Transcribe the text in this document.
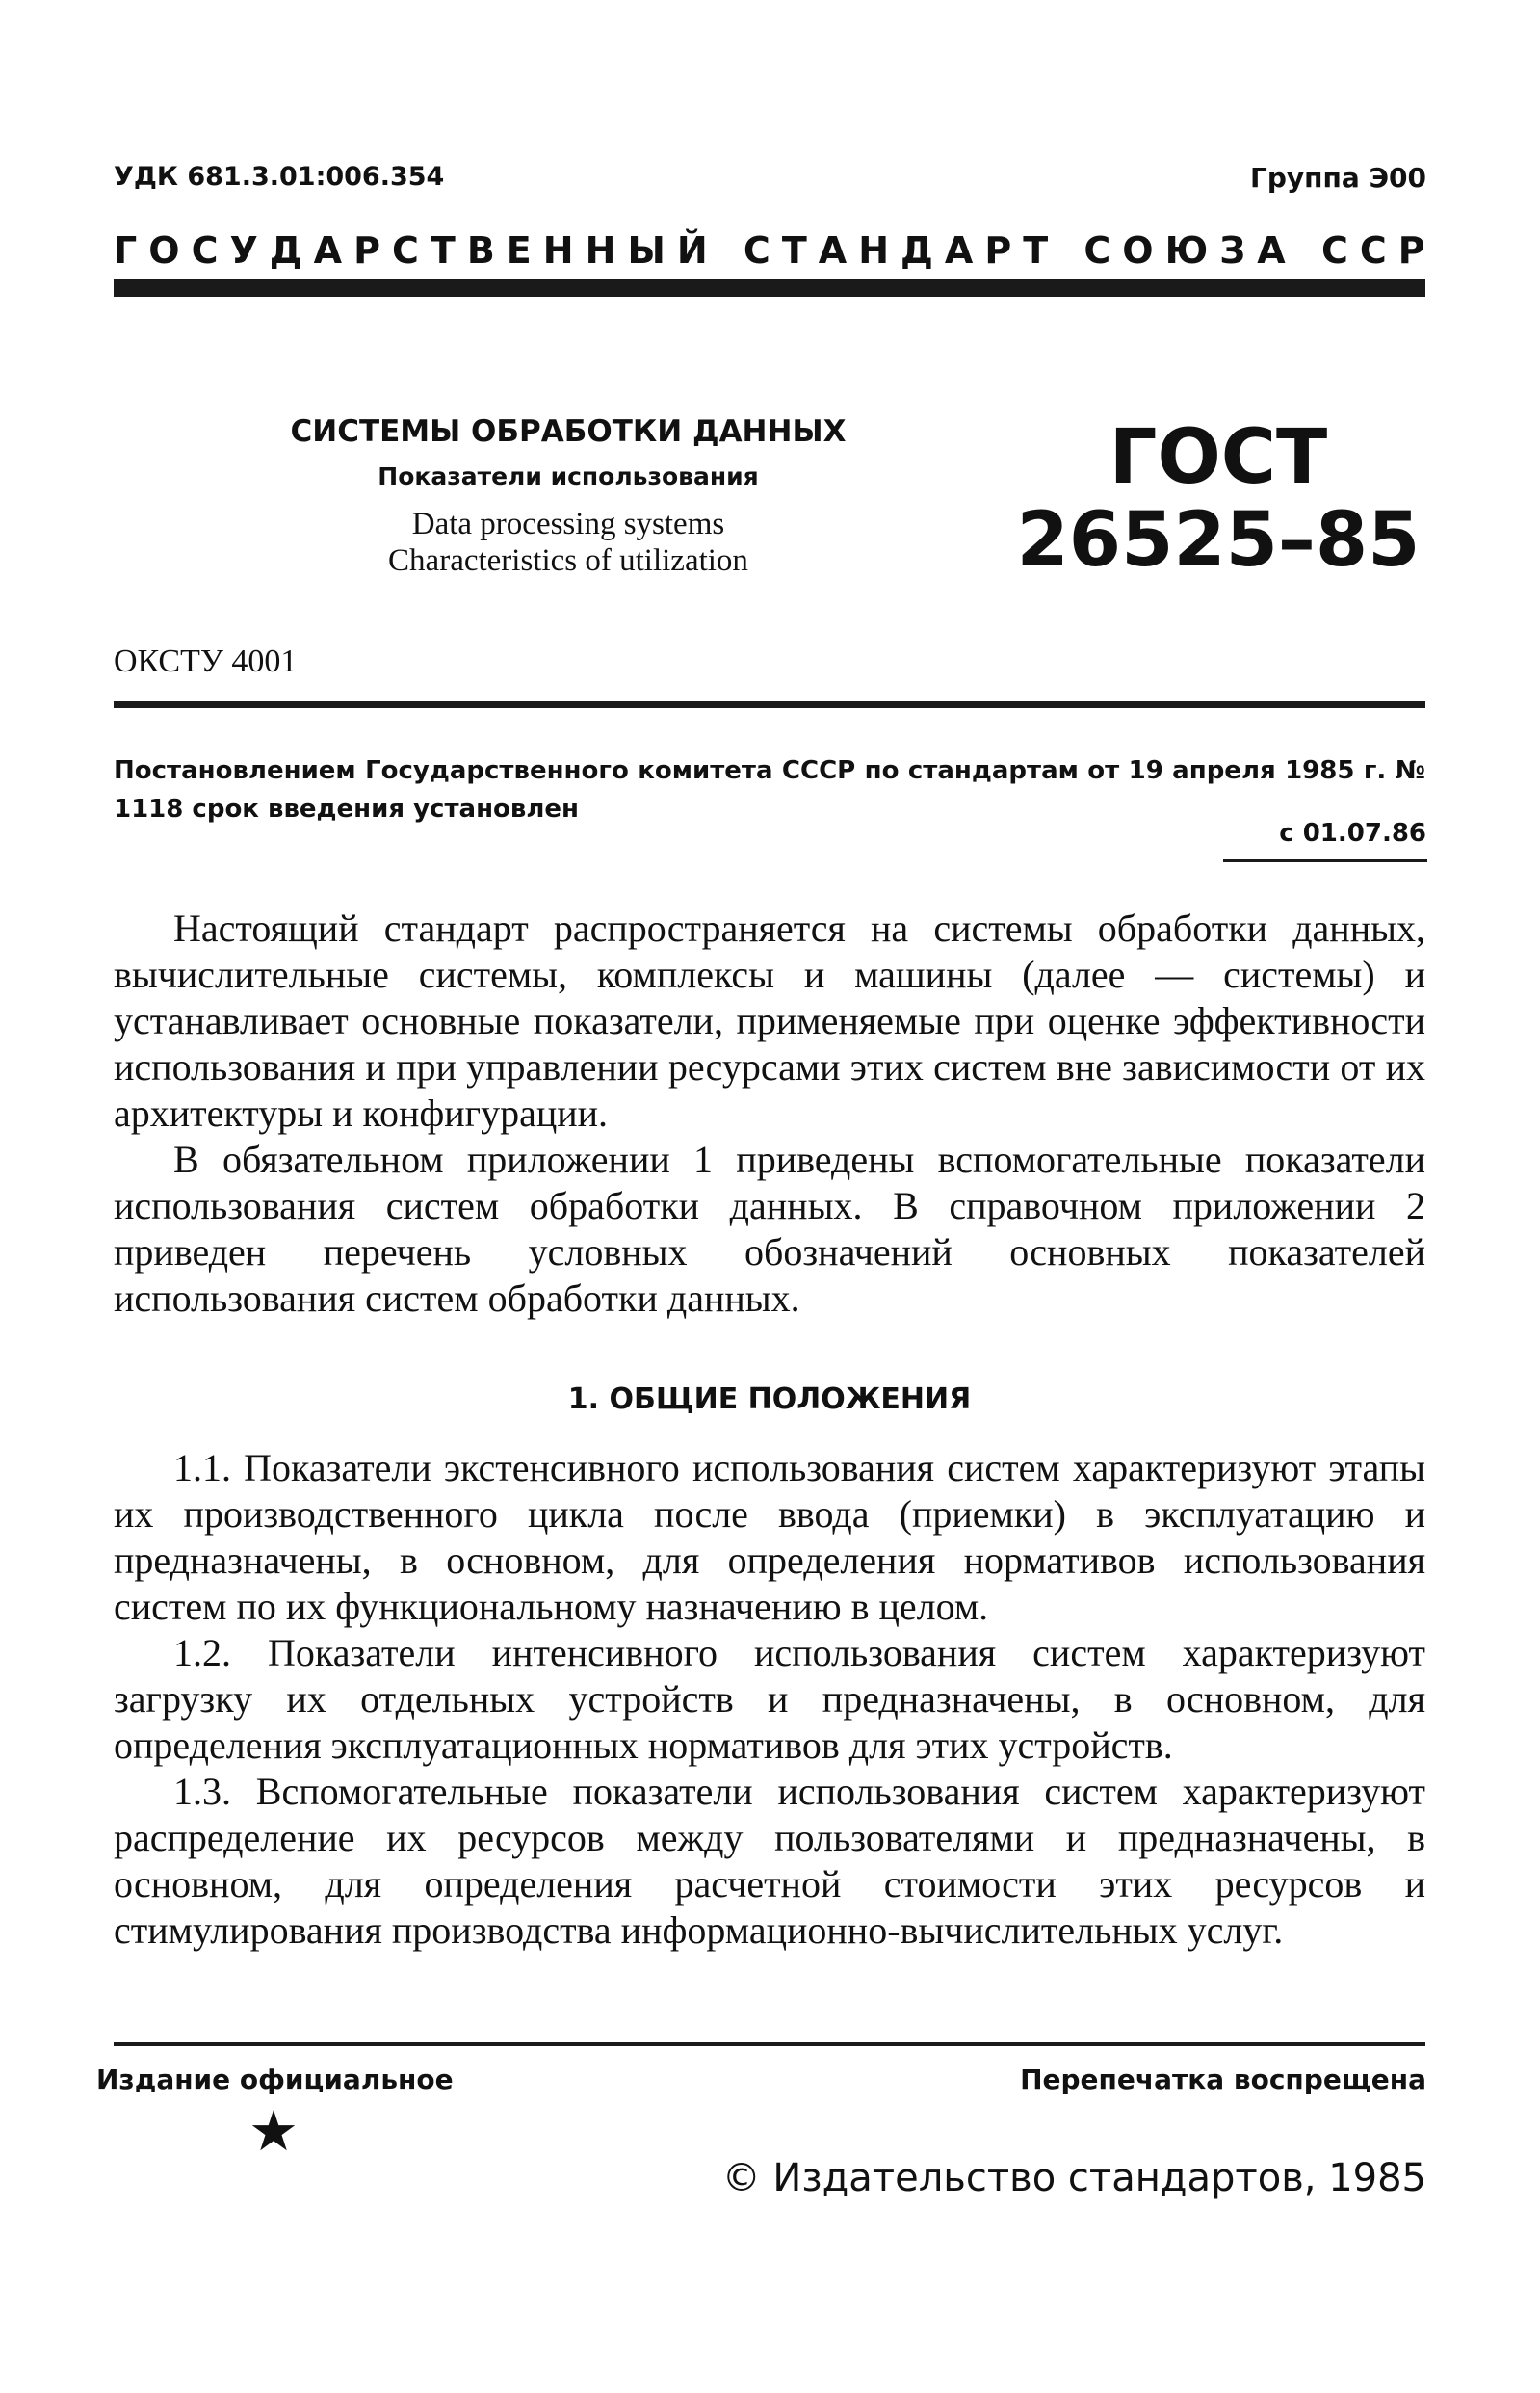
УДК 681.3.01:006.354	Группа Э00
Г О С У Д А Р С Т В Е Н Н Ы Й
С Т А Н Д А Р Т
С О Ю З А
С С Р
СИСТЕМЫ ОБРАБОТКИ ДАННЫХ
Показатели использования
Data processing systems
Characteristics of utilization
ГОСТ
26525–85
ОКСТУ 4001
Постановлением Государственного комитета СССР по стандартам от 19 апреля 1985 г. № 1118 срок введения установлен
с 01.07.86

Настоящий стандарт распространяется на системы обработки данных, вычислительные системы, комплексы и машины (далее — системы) и устанавливает основные показатели, применяемые при оценке эффективности использования и при управлении ресурсами этих систем вне зависимости от их архитектуры и конфигурации.

В обязательном приложении 1 приведены вспомогательные показатели использования систем обработки данных. В справочном приложении 2 приведен перечень условных обозначений основных показателей использования систем обработки данных.

1. ОБЩИЕ ПОЛОЖЕНИЯ

1.1. Показатели экстенсивного использования систем характеризуют этапы их производственного цикла после ввода (приемки) в эксплуатацию и предназначены, в основном, для определения нормативов использования систем по их функциональному назначению в целом.

1.2. Показатели интенсивного использования систем характеризуют загрузку их отдельных устройств и предназначены, в основном, для определения эксплуатационных нормативов для этих устройств.

1.3. Вспомогательные показатели использования систем характеризуют распределение их ресурсов между пользователями и предназначены, в основном, для определения расчетной стоимости этих ресурсов и стимулирования производства информационно-вычислительных услуг.

Издание официальное	Перепечатка воспрещена
★
© Издательство стандартов, 1985
